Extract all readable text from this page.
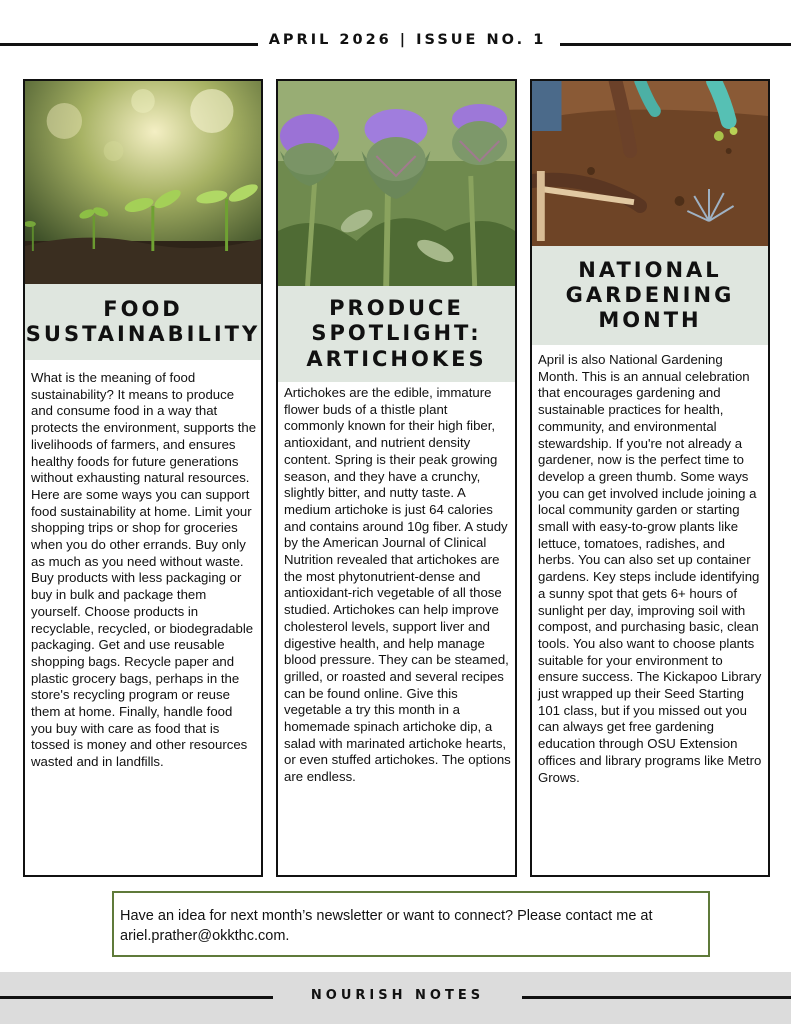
APRIL 2026 | ISSUE NO. 1
FOOD
SUSTAINABILITY

What is the meaning of food sustainability? It means to produce and consume food in a way that protects the environment, supports the livelihoods of farmers, and ensures healthy foods for future generations without exhausting natural resources. Here are some ways you can support food sustainability at home. Limit your shopping trips or shop for groceries when you do other errands. Buy only as much as you need without waste. Buy products with less packaging or buy in bulk and package them yourself. Choose products in recyclable, recycled, or biodegradable packaging. Get and use reusable shopping bags. Recycle paper and plastic grocery bags, perhaps in the store's recycling program or reuse them at home. Finally, handle food you buy with care as food that is tossed is money and other resources wasted and in landfills.

PRODUCE
SPOTLIGHT:
ARTICHOKES

Artichokes are the edible, immature flower buds of a thistle plant commonly known for their high fiber, antioxidant, and nutrient density content. Spring is their peak growing season, and they have a crunchy, slightly bitter, and nutty taste. A medium artichoke is just 64 calories and contains around 10g fiber. A study by the American Journal of Clinical Nutrition revealed that artichokes are the most phytonutrient-dense and antioxidant-rich vegetable of all those studied. Artichokes can help improve cholesterol levels, support liver and digestive health, and help manage blood pressure. They can be steamed, grilled, or roasted and several recipes can be found online. Give this vegetable a try this month in a homemade spinach artichoke dip, a salad with marinated artichoke hearts, or even stuffed artichokes. The options are endless.

NATIONAL
GARDENING
MONTH

April is also National Gardening Month. This is an annual celebration that encourages gardening and sustainable practices for health, community, and environmental stewardship. If you're not already a gardener, now is the perfect time to develop a green thumb. Some ways you can get involved include joining a local community garden or starting small with easy-to-grow plants like lettuce, tomatoes, radishes, and herbs. You can also set up container gardens. Key steps include identifying a sunny spot that gets 6+ hours of sunlight per day, improving soil with compost, and purchasing basic, clean tools. You also want to choose plants suitable for your environment to ensure success. The Kickapoo Library just wrapped up their Seed Starting 101 class, but if you missed out you can always get free gardening education through OSU Extension offices and library programs like Metro Grows.

Have an idea for next month’s newsletter or want to connect? Please contact me at ariel.prather@okkthc.com.
NOURISH NOTES
